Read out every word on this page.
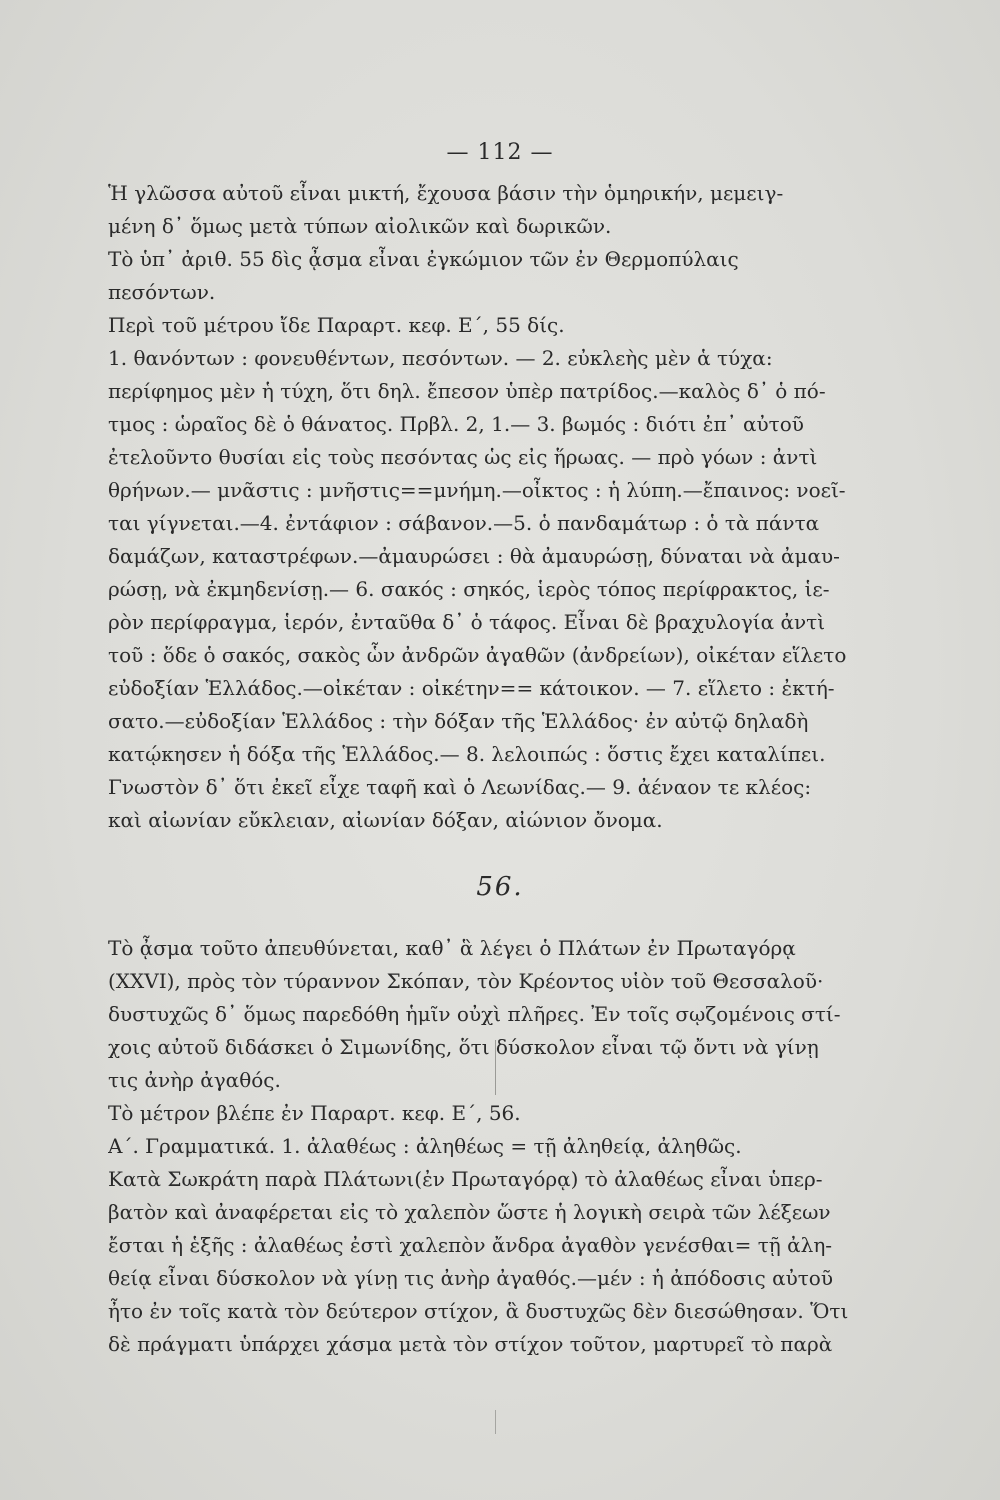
— 112 —
Ἡ γλῶσσα αὐτοῦ εἶναι μικτή, ἔχουσα βάσιν τὴν ὁμηρικήν, μεμειγ-
μένη δ᾽ ὅμως μετὰ τύπων αἰολικῶν καὶ δωρικῶν.
Τὸ ὑπ᾽ ἀριθ. 55 δὶς ᾆσμα εἶναι ἐγκώμιον τῶν ἐν Θερμοπύλαις
πεσόντων.
Περὶ τοῦ μέτρου ἴδε Παραρτ. κεφ. Ε΄, 55 δίς.
1. θανόντων : φονευθέντων, πεσόντων. — 2. εὐκλεὴς μὲν ἁ τύχα:
περίφημος μὲν ἡ τύχη, ὅτι δηλ. ἔπεσον ὑπὲρ πατρίδος.—καλὸς δ᾽ ὁ πό-
τμος : ὡραῖος δὲ ὁ θάνατος. Πρβλ. 2, 1.— 3. βωμός : διότι ἐπ᾽ αὐτοῦ
ἐτελοῦντο θυσίαι εἰς τοὺς πεσόντας ὡς εἰς ἥρωας. — πρὸ γόων : ἀντὶ
θρήνων.— μνᾶστις : μνῆστις==μνήμη.—οἶκτος : ἡ λύπη.—ἔπαινος: νοεῖ-
ται γίγνεται.—4. ἐντάφιον : σάβανον.—5. ὁ πανδαμάτωρ : ὁ τὰ πάντα
δαμάζων, καταστρέφων.—ἀμαυρώσει : θὰ ἀμαυρώσῃ, δύναται νὰ ἀμαυ-
ρώσῃ, νὰ ἐκμηδενίσῃ.— 6. σακός : σηκός, ἱερὸς τόπος περίφρακτος, ἱε-
ρὸν περίφραγμα, ἱερόν, ἐνταῦθα δ᾽ ὁ τάφος. Εἶναι δὲ βραχυλογία ἀντὶ
τοῦ : ὅδε ὁ σακός, σακὸς ὧν ἀνδρῶν ἀγαθῶν (ἀνδρείων), οἰκέταν εἵλετο
εὐδοξίαν Ἑλλάδος.—οἰκέταν : οἰκέτην== κάτοικον. — 7. εἵλετο : ἐκτή-
σατο.—εὐδοξίαν Ἑλλάδος : τὴν δόξαν τῆς Ἑλλάδος· ἐν αὐτῷ δηλαδὴ
κατῴκησεν ἡ δόξα τῆς Ἑλλάδος.— 8. λελοιπώς : ὅστις ἔχει καταλίπει.
Γνωστὸν δ᾽ ὅτι ἐκεῖ εἶχε ταφῆ καὶ ὁ Λεωνίδας.— 9. ἀέναον τε κλέος:
καὶ αἰωνίαν εὔκλειαν, αἰωνίαν δόξαν, αἰώνιον ὄνομα.
56.
Τὸ ᾆσμα τοῦτο ἀπευθύνεται, καθ᾽ ἃ λέγει ὁ Πλάτων ἐν Πρωταγόρᾳ
(XXVI), πρὸς τὸν τύραννον Σκόπαν, τὸν Κρέοντος υἱὸν τοῦ Θεσσαλοῦ·
δυστυχῶς δ᾽ ὅμως παρεδόθη ἡμῖν οὐχὶ πλῆρες. Ἐν τοῖς σῳζομένοις στί-
χοις αὐτοῦ διδάσκει ὁ Σιμωνίδης, ὅτι δύσκολον εἶναι τῷ ὄντι νὰ γίνῃ
τις ἀνὴρ ἀγαθός.
Τὸ μέτρον βλέπε ἐν Παραρτ. κεφ. Ε΄, 56.
Α΄. Γραμματικά. 1. ἀλαθέως : ἀληθέως = τῇ ἀληθείᾳ, ἀληθῶς.
Κατὰ Σωκράτη παρὰ Πλάτωνι(ἐν Πρωταγόρᾳ) τὸ ἀλαθέως εἶναι ὑπερ-
βατὸν καὶ ἀναφέρεται εἰς τὸ χαλεπὸν ὥστε ἡ λογικὴ σειρὰ τῶν λέξεων
ἔσται ἡ ἑξῆς : ἀλαθέως ἐστὶ χαλεπὸν ἄνδρα ἀγαθὸν γενέσθαι= τῇ ἀλη-
θείᾳ εἶναι δύσκολον νὰ γίνῃ τις ἀνὴρ ἀγαθός.—μέν : ἡ ἀπόδοσις αὐτοῦ
ἦτο ἐν τοῖς κατὰ τὸν δεύτερον στίχον, ἃ δυστυχῶς δὲν διεσώθησαν. Ὅτι
δὲ πράγματι ὑπάρχει χάσμα μετὰ τὸν στίχον τοῦτον, μαρτυρεῖ τὸ παρὰ
